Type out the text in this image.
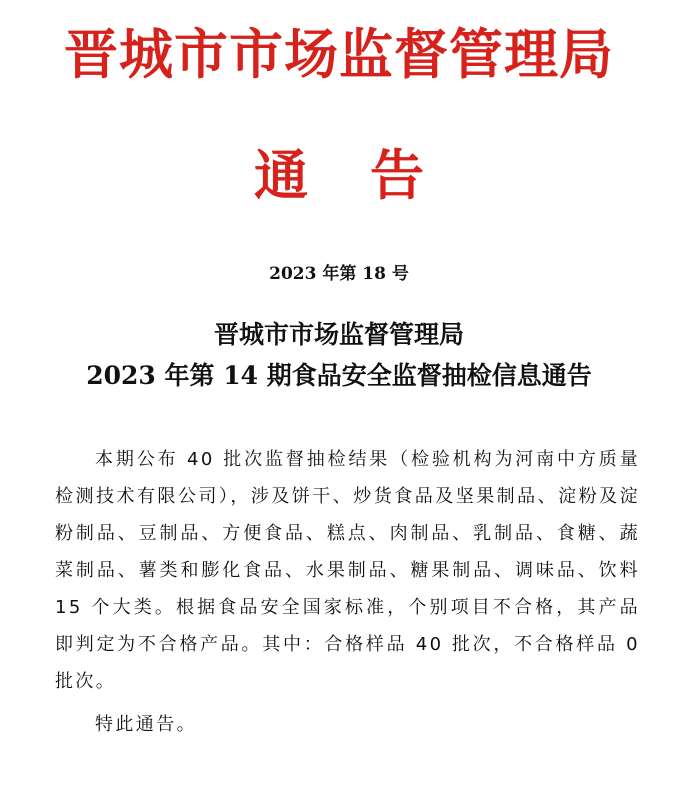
晋城市市场监督管理局
通 告
2023 年第 18 号
晋城市市场监督管理局
2023 年第 14 期食品安全监督抽检信息通告

本期公布 40 批次监督抽检结果（检验机构为河南中方质量检测技术有限公司），涉及饼干、炒货食品及坚果制品、淀粉及淀粉制品、豆制品、方便食品、糕点、肉制品、乳制品、食糖、蔬菜制品、薯类和膨化食品、水果制品、糖果制品、调味品、饮料 15 个大类。根据食品安全国家标准，个别项目不合格，其产品即判定为不合格产品。其中：合格样品 40 批次，不合格样品 0 批次。

特此通告。
